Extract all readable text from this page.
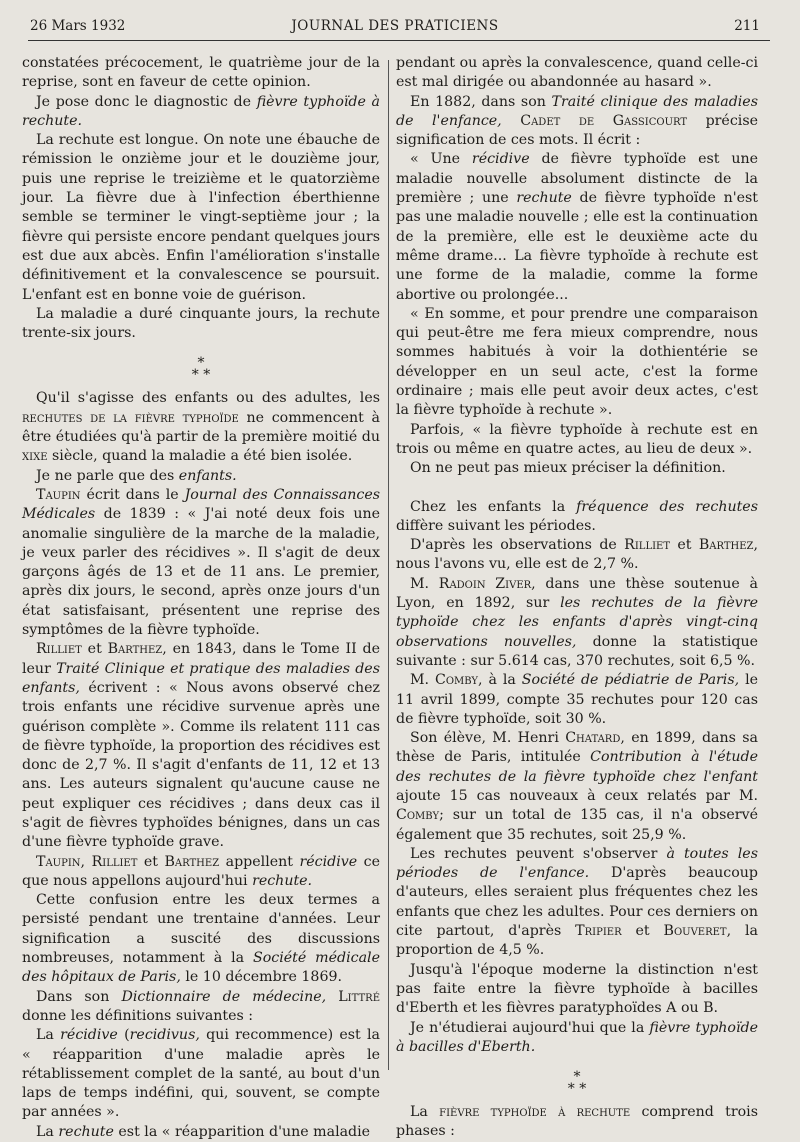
26 Mars 1932	JOURNAL DES PRATICIENS	211

constatées précocement, le quatrième jour de la reprise, sont en faveur de cette opinion.

Je pose donc le diagnostic de fièvre typhoïde à rechute.

La rechute est longue. On note une ébauche de rémission le onzième jour et le douzième jour, puis une reprise le treizième et le quatorzième jour. La fièvre due à l'infection éberthienne semble se terminer le vingt-septième jour ; la fièvre qui persiste encore pendant quelques jours est due aux abcès. Enfin l'amélioration s'installe définitivement et la convalescence se poursuit. L'enfant est en bonne voie de guérison.

La maladie a duré cinquante jours, la rechute trente-six jours.

*
* *

Qu'il s'agisse des enfants ou des adultes, les rechutes de la fièvre typhoïde ne commencent à être étudiées qu'à partir de la première moitié du xixe siècle, quand la maladie a été bien isolée.

Je ne parle que des enfants.

Taupin écrit dans le Journal des Connaissances Médicales de 1839 : « J'ai noté deux fois une anomalie singulière de la marche de la maladie, je veux parler des récidives ». Il s'agit de deux garçons âgés de 13 et de 11 ans. Le premier, après dix jours, le second, après onze jours d'un état satisfaisant, présentent une reprise des symptômes de la fièvre typhoïde.

Rilliet et Barthez, en 1843, dans le Tome II de leur Traité Clinique et pratique des maladies des enfants, écrivent : « Nous avons observé chez trois enfants une récidive survenue après une guérison complète ». Comme ils relatent 111 cas de fièvre typhoïde, la proportion des récidives est donc de 2,7 %. Il s'agit d'enfants de 11, 12 et 13 ans. Les auteurs signalent qu'aucune cause ne peut expliquer ces récidives ; dans deux cas il s'agit de fièvres typhoïdes bénignes, dans un cas d'une fièvre typhoïde grave.

Taupin, Rilliet et Barthez appellent récidive ce que nous appellons aujourd'hui rechute.

Cette confusion entre les deux termes a persisté pendant une trentaine d'années. Leur signification a suscité des discussions nombreuses, notamment à la Société médicale des hôpitaux de Paris, le 10 décembre 1869.

Dans son Dictionnaire de médecine, Littré donne les définitions suivantes :

La récidive (recidivus, qui recommence) est la « réapparition d'une maladie après le rétablissement complet de la santé, au bout d'un laps de temps indéfini, qui, souvent, se compte par années ».

La rechute est la « réapparition d'une maladie

pendant ou après la convalescence, quand celle-ci est mal dirigée ou abandonnée au hasard ».

En 1882, dans son Traité clinique des maladies de l'enfance, Cadet de Gassicourt précise signification de ces mots. Il écrit :

« Une récidive de fièvre typhoïde est une maladie nouvelle absolument distincte de la première ; une rechute de fièvre typhoïde n'est pas une maladie nouvelle ; elle est la continuation de la première, elle est le deuxième acte du même drame... La fièvre typhoïde à rechute est une forme de la maladie, comme la forme abortive ou prolongée...

« En somme, et pour prendre une comparaison qui peut-être me fera mieux comprendre, nous sommes habitués à voir la dothientérie se développer en un seul acte, c'est la forme ordinaire ; mais elle peut avoir deux actes, c'est la fièvre typhoïde à rechute ».

Parfois, « la fièvre typhoïde à rechute est en trois ou même en quatre actes, au lieu de deux ».

On ne peut pas mieux préciser la définition.

Chez les enfants la fréquence des rechutes diffère suivant les périodes.

D'après les observations de Rilliet et Barthez, nous l'avons vu, elle est de 2,7 %.

M. Radoin Ziver, dans une thèse soutenue à Lyon, en 1892, sur les rechutes de la fièvre typhoïde chez les enfants d'après vingt-cinq observations nouvelles, donne la statistique suivante : sur 5.614 cas, 370 rechutes, soit 6,5 %.

M. Comby, à la Société de pédiatrie de Paris, le 11 avril 1899, compte 35 rechutes pour 120 cas de fièvre typhoïde, soit 30 %.

Son élève, M. Henri Chatard, en 1899, dans sa thèse de Paris, intitulée Contribution à l'étude des rechutes de la fièvre typhoïde chez l'enfant ajoute 15 cas nouveaux à ceux relatés par M. Comby; sur un total de 135 cas, il n'a observé également que 35 rechutes, soit 25,9 %.

Les rechutes peuvent s'observer à toutes les périodes de l'enfance. D'après beaucoup d'auteurs, elles seraient plus fréquentes chez les enfants que chez les adultes. Pour ces derniers on cite partout, d'après Tripier et Bouveret, la proportion de 4,5 %.

Jusqu'à l'époque moderne la distinction n'est pas faite entre la fièvre typhoïde à bacilles d'Eberth et les fièvres paratyphoïdes A ou B.

Je n'étudierai aujourd'hui que la fièvre typhoïde à bacilles d'Eberth.

*
* *

La fièvre typhoïde à rechute comprend trois phases :
